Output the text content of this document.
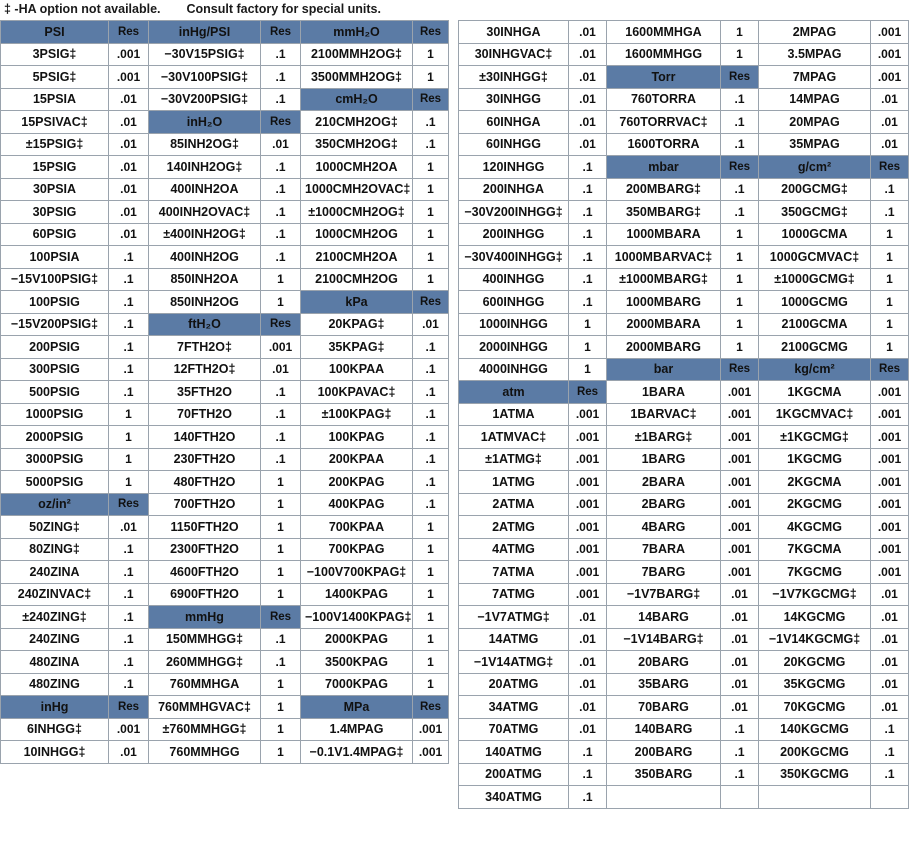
‡ -HA option not available. Consult factory for special units.
PSI	Res	inHg/PSI	Res	mmH₂O	Res
3PSIG‡	.001	−30V15PSIG‡	.1	2100MMH2OG‡	1
5PSIG‡	.001	−30V100PSIG‡	.1	3500MMH2OG‡	1
15PSIA	.01	−30V200PSIG‡	.1	cmH₂O	Res
15PSIVAC‡	.01	inH₂O	Res	210CMH2OG‡	.1
±15PSIG‡	.01	85INH2OG‡	.01	350CMH2OG‡	.1
15PSIG	.01	140INH2OG‡	.1	1000CMH2OA	1
30PSIA	.01	400INH2OA	.1	1000CMH2OVAC‡	1
30PSIG	.01	400INH2OVAC‡	.1	±1000CMH2OG‡	1
60PSIG	.01	±400INH2OG‡	.1	1000CMH2OG	1
100PSIA	.1	400INH2OG	.1	2100CMH2OA	1
−15V100PSIG‡	.1	850INH2OA	1	2100CMH2OG	1
100PSIG	.1	850INH2OG	1	kPa	Res
−15V200PSIG‡	.1	ftH₂O	Res	20KPAG‡	.01
200PSIG	.1	7FTH2O‡	.001	35KPAG‡	.1
300PSIG	.1	12FTH2O‡	.01	100KPAA	.1
500PSIG	.1	35FTH2O	.1	100KPAVAC‡	.1
1000PSIG	1	70FTH2O	.1	±100KPAG‡	.1
2000PSIG	1	140FTH2O	.1	100KPAG	.1
3000PSIG	1	230FTH2O	.1	200KPAA	.1
5000PSIG	1	480FTH2O	1	200KPAG	.1
oz/in²	Res	700FTH2O	1	400KPAG	.1
50ZING‡	.01	1150FTH2O	1	700KPAA	1
80ZING‡	.1	2300FTH2O	1	700KPAG	1
240ZINA	.1	4600FTH2O	1	−100V700KPAG‡	1
240ZINVAC‡	.1	6900FTH2O	1	1400KPAG	1
±240ZING‡	.1	mmHg	Res	−100V1400KPAG‡	1
240ZING	.1	150MMHGG‡	.1	2000KPAG	1
480ZINA	.1	260MMHGG‡	.1	3500KPAG	1
480ZING	.1	760MMHGA	1	7000KPAG	1
inHg	Res	760MMHGVAC‡	1	MPa	Res
6INHGG‡	.001	±760MMHGG‡	1	1.4MPAG	.001
10INHGG‡	.01	760MMHGG	1	−0.1V1.4MPAG‡	.001
30INHGA	.01	1600MMHGA	1	2MPAG	.001
30INHGVAC‡	.01	1600MMHGG	1	3.5MPAG	.001
±30INHGG‡	.01	Torr	Res	7MPAG	.001
30INHGG	.01	760TORRA	.1	14MPAG	.01
60INHGA	.01	760TORRVAC‡	.1	20MPAG	.01
60INHGG	.01	1600TORRA	.1	35MPAG	.01
120INHGG	.1	mbar	Res	g/cm²	Res
200INHGA	.1	200MBARG‡	.1	200GCMG‡	.1
−30V200INHGG‡	.1	350MBARG‡	.1	350GCMG‡	.1
200INHGG	.1	1000MBARA	1	1000GCMA	1
−30V400INHGG‡	.1	1000MBARVAC‡	1	1000GCMVAC‡	1
400INHGG	.1	±1000MBARG‡	1	±1000GCMG‡	1
600INHGG	.1	1000MBARG	1	1000GCMG	1
1000INHGG	1	2000MBARA	1	2100GCMA	1
2000INHGG	1	2000MBARG	1	2100GCMG	1
4000INHGG	1	bar	Res	kg/cm²	Res
atm	Res	1BARA	.001	1KGCMA	.001
1ATMA	.001	1BARVAC‡	.001	1KGCMVAC‡	.001
1ATMVAC‡	.001	±1BARG‡	.001	±1KGCMG‡	.001
±1ATMG‡	.001	1BARG	.001	1KGCMG	.001
1ATMG	.001	2BARA	.001	2KGCMA	.001
2ATMA	.001	2BARG	.001	2KGCMG	.001
2ATMG	.001	4BARG	.001	4KGCMG	.001
4ATMG	.001	7BARA	.001	7KGCMA	.001
7ATMA	.001	7BARG	.001	7KGCMG	.001
7ATMG	.001	−1V7BARG‡	.01	−1V7KGCMG‡	.01
−1V7ATMG‡	.01	14BARG	.01	14KGCMG	.01
14ATMG	.01	−1V14BARG‡	.01	−1V14KGCMG‡	.01
−1V14ATMG‡	.01	20BARG	.01	20KGCMG	.01
20ATMG	.01	35BARG	.01	35KGCMG	.01
34ATMG	.01	70BARG	.01	70KGCMG	.01
70ATMG	.01	140BARG	.1	140KGCMG	.1
140ATMG	.1	200BARG	.1	200KGCMG	.1
200ATMG	.1	350BARG	.1	350KGCMG	.1
340ATMG	.1				
